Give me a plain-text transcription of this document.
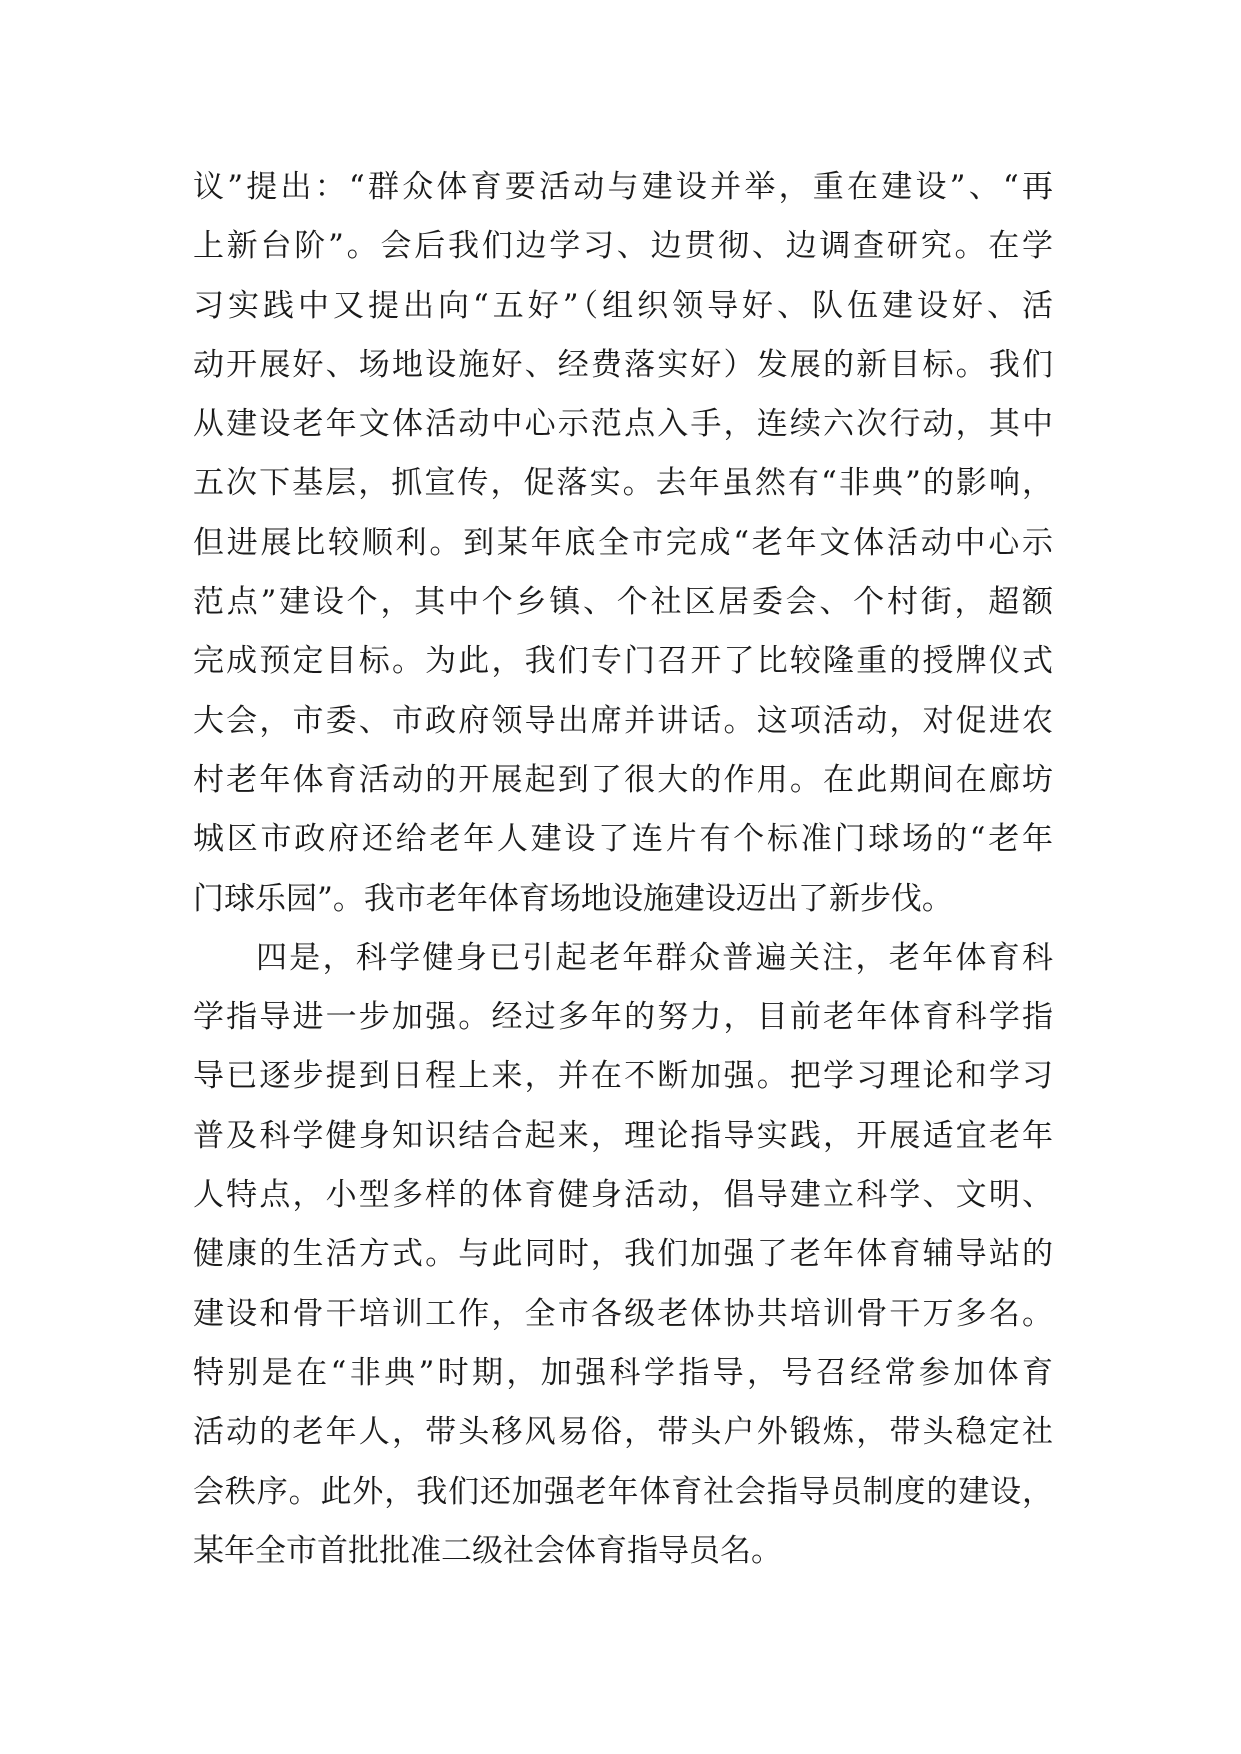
议”提出：“群众体育要活动与建设并举，重在建设”、“再
上新台阶”。会后我们边学习、边贯彻、边调查研究。在学
习实践中又提出向“五好”（组织领导好、队伍建设好、活
动开展好、场地设施好、经费落实好）发展的新目标。我们
从建设老年文体活动中心示范点入手，连续六次行动，其中
五次下基层，抓宣传，促落实。去年虽然有“非典”的影响，
但进展比较顺利。到某年底全市完成“老年文体活动中心示
范点”建设个，其中个乡镇、个社区居委会、个村街，超额
完成预定目标。为此，我们专门召开了比较隆重的授牌仪式
大会，市委、市政府领导出席并讲话。这项活动，对促进农
村老年体育活动的开展起到了很大的作用。在此期间在廊坊
城区市政府还给老年人建设了连片有个标准门球场的“老年
门球乐园”。我市老年体育场地设施建设迈出了新步伐。
四是，科学健身已引起老年群众普遍关注，老年体育科
学指导进一步加强。经过多年的努力，目前老年体育科学指
导已逐步提到日程上来，并在不断加强。把学习理论和学习
普及科学健身知识结合起来，理论指导实践，开展适宜老年
人特点，小型多样的体育健身活动，倡导建立科学、文明、
健康的生活方式。与此同时，我们加强了老年体育辅导站的
建设和骨干培训工作，全市各级老体协共培训骨干万多名。
特别是在“非典”时期，加强科学指导，号召经常参加体育
活动的老年人，带头移风易俗，带头户外锻炼，带头稳定社
会秩序。此外，我们还加强老年体育社会指导员制度的建设，
某年全市首批批准二级社会体育指导员名。
